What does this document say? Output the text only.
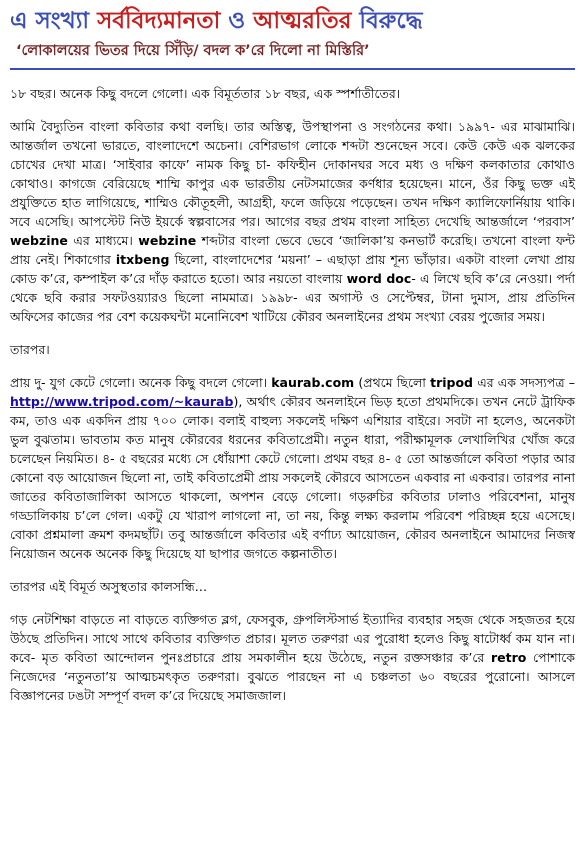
এ সংখ্যা সর্ববিদ্যমানতা ও আত্মরতির বিরুদ্ধে
‘লোকালয়ের ভিতর দিয়ে সিঁড়ি/ বদল ক’রে দিলো না মিস্তিরি’

১৮ বছর। অনেক কিছু বদলে গেলো। এক বিমূর্ততার ১৮ বছর, এক স্পর্শাতীতের।

আমি বৈদ্যুতিন বাংলা কবিতার কথা বলছি। তার অস্তিত্ব, উপস্থাপনা ও সংগঠনের কথা। ১৯৯৭- এর মাঝামাঝি। আন্তর্জাল তখনো ভারতে, বাংলাদেশে অচেনা। বেশিরভাগ লোকে শব্দটা শুনেছেন সবে। কেউ কেউ এক ঝলকের চোখের দেখা মাত্র। ‘সাইবার কাফে’ নামক কিছু চা- কফিহীন দোকানঘর সবে মধ্য ও দক্ষিণ কলকাতার কোথাও কোথাও। কাগজে বেরিয়েছে শাম্মি কাপুর এক ভারতীয় নেটসমাজের কর্ণধার হয়েছেন। মানে, ওঁর কিছু ভক্ত এই প্রযুক্তিতে হাত লাগিয়েছে, শাম্মিও কৌতূহলী, আগ্রহী, ফলে জড়িয়ে পড়েছেন। তখন দক্ষিণ ক্যালিফোর্নিয়ায় থাকি। সবে এসেছি। আপস্টেট নিউ ইয়র্কে স্বল্পবাসের পর। আগের বছর প্রথম বাংলা সাহিত্য দেখেছি আন্তর্জালে ‘পরবাস’ webzine এর মাধ্যমে। webzine শব্দটার বাংলা ভেবে ভেবে ‘জালিকা’য় কনভার্ট করেছি। তখনো বাংলা ফন্ট প্রায় নেই। শিকাগোর itxbeng ছিলো, বাংলাদেশের ‘ময়না’ – এছাড়া প্রায় শূন্য ভাঁড়ার। একটা বাংলা লেখা প্রায় কোড ক’রে, কম্পাইল ক’রে দাঁড় করাতে হতো। আর নয়তো বাংলায় word doc- এ লিখে ছবি ক’রে নেওয়া। পর্দা থেকে ছবি করার সফটওয়্যারও ছিলো নামমাত্র। ১৯৯৮- এর অগাস্ট ও সেপ্টেম্বর, টানা দুমাস, প্রায় প্রতিদিন অফিসের কাজের পর বেশ কয়েকঘন্টা মনোনিবেশ খাটিয়ে কৌরব অনলাইনের প্রথম সংখ্যা বেরয় পুজোর সময়।

তারপর।

প্রায় দু- যুগ কেটে গেলো। অনেক কিছু বদলে গেলো। kaurab.com (প্রথমে ছিলো tripod এর এক সদস্যপত্র – http://www.tripod.com/~kaurab), অর্থাৎ কৌরব অনলাইনে ভিড় হতো প্রথমদিকে। তখন নেটে ট্রাফিক কম, তাও এক একদিন প্রায় ৭০০ লোক। বলাই বাহুল্য সকলেই দক্ষিণ এশিয়ার বাইরে। সবটা না হলেও, অনেকটা ভুল বুঝতাম। ভাবতাম কত মানুষ কৌরবের ধরনের কবিতাপ্রেমী। নতুন ধারা, পরীক্ষামূলক লেখালিখির খোঁজ করে চলেছেন নিয়মিত। ৪- ৫ বছরের মধ্যে সে ধোঁয়াশা কেটে গেলো। প্রথম বছর ৪- ৫ তো আন্তর্জালে কবিতা পড়ার আর কোনো বড় আয়োজন ছিলো না, তাই কবিতাপ্রেমী প্রায় সকলেই কৌরবে আসতেন একবার না একবার। তারপর নানা জাতের কবিতাজালিকা আসতে থাকলো, অপশন বেড়ে গেলো। গড়রুচির কবিতার ঢালাও পরিবেশনা, মানুষ গড্ডালিকায় চ’লে গেল। একটু যে খারাপ লাগলো না, তা নয়, কিন্তু লক্ষ্য করলাম পরিবেশ পরিচ্ছন্ন হয়ে এসেছে। বোকা প্রশ্নমালা ক্রমশ কদমছাঁট। তবু আন্তর্জালে কবিতার এই বর্ণাঢ্য আয়োজন, কৌরব অনলাইনে আমাদের নিজস্ব নিয়োজন অনেক অনেক কিছু দিয়েছে যা ছাপার জগতে কল্পনাতীত।

তারপর এই বিমূর্ত অসুস্থতার কালসন্ধি…

গড় নেটশিক্ষা বাড়তে না বাড়তে ব্যক্তিগত ব্লগ, ফেসবুক, গ্রুপলিস্টসার্ভ ইত্যাদির ব্যবহার সহজ থেকে সহজতর হয়ে উঠছে প্রতিদিন। সাথে সাথে কবিতার ব্যক্তিগত প্রচার। মূলত তরুণরা এর পুরোধা হলেও কিছু ষাটোর্ধ্ব কম যান না। কবে- মৃত কবিতা আন্দোলন পুনঃপ্রচারে প্রায় সমকালীন হয়ে উঠেছে, নতুন রক্তসঞ্চার ক’রে retro পোশাকে নিজেদের ‘নতুনতা’য় আত্মচমৎকৃত তরুণরা। বুঝতে পারছেন না এ চঞ্চলতা ৬০ বছরের পুরোনো। আসলে বিজ্ঞাপনের ঢঙটা সম্পূর্ণ বদল ক’রে দিয়েছে সমাজজাল।
